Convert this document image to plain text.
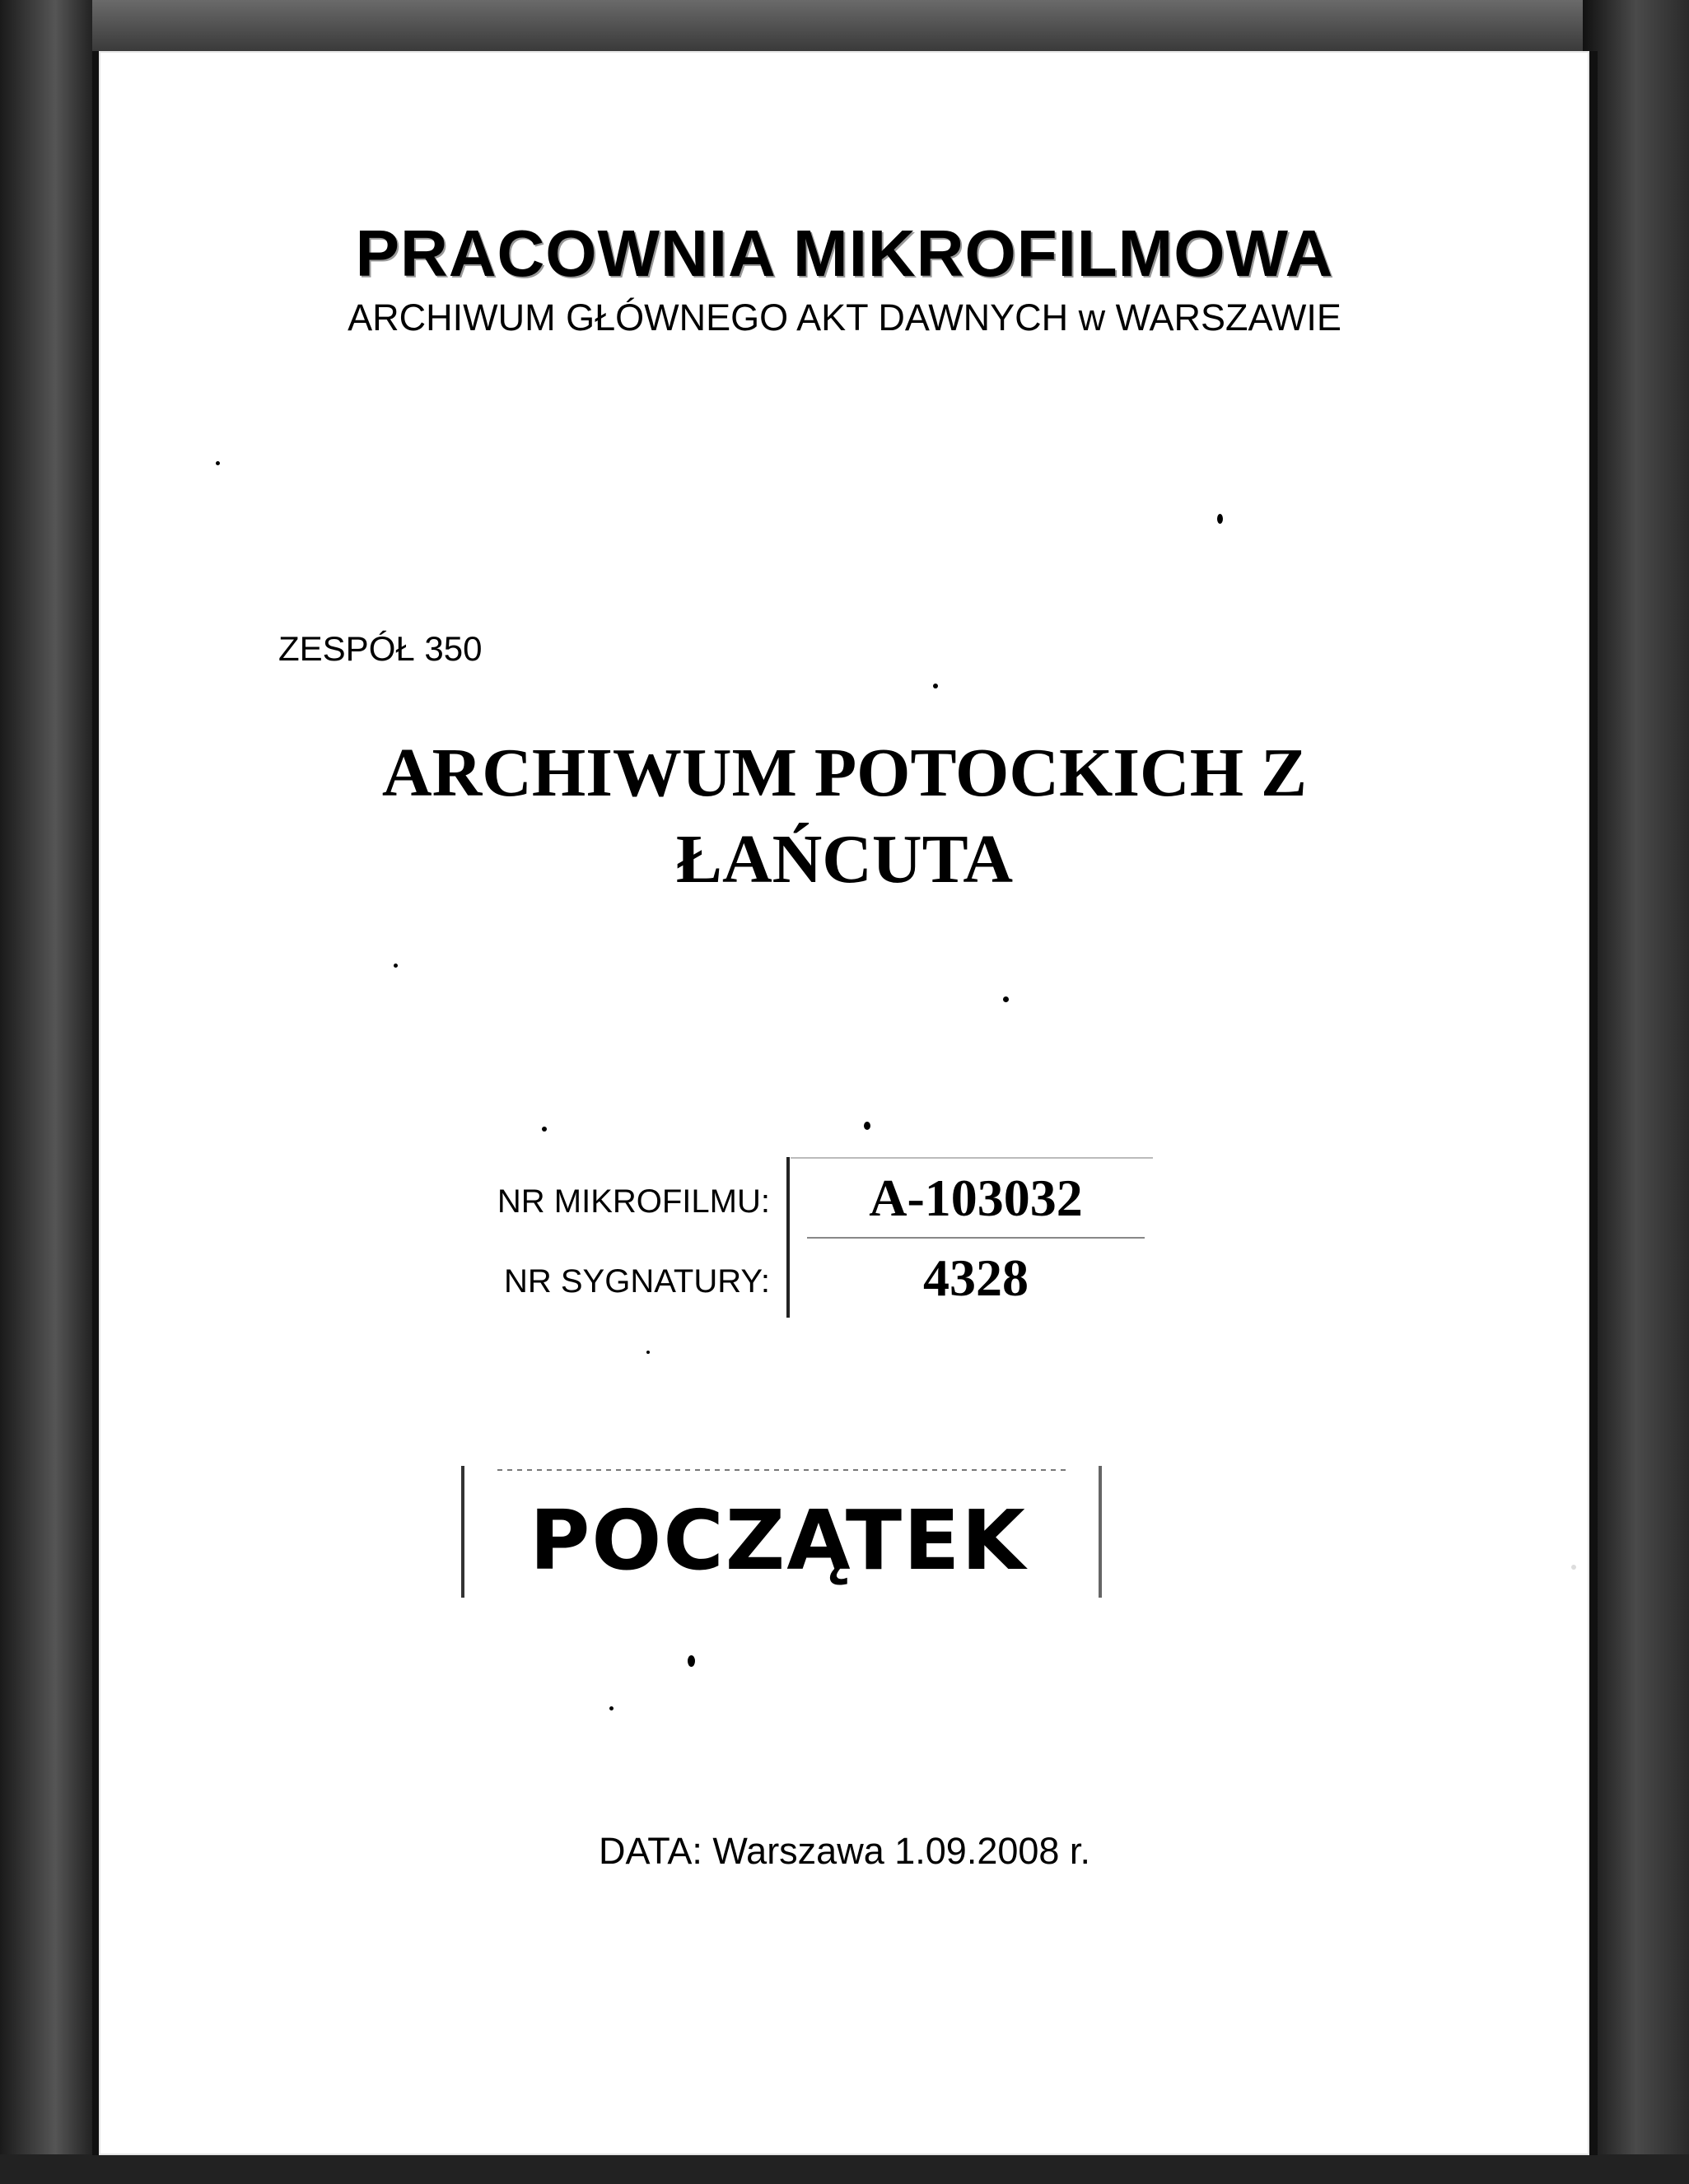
PRACOWNIA MIKROFILMOWA
ARCHIWUM GŁÓWNEGO AKT DAWNYCH w WARSZAWIE
ZESPÓŁ 350
ARCHIWUM POTOCKICH Z
ŁAŃCUTA
NR MIKROFILMU:	A-103032
NR SYGNATURY:	4328
POCZĄTEK
DATA: Warszawa 1.09.2008 r.
